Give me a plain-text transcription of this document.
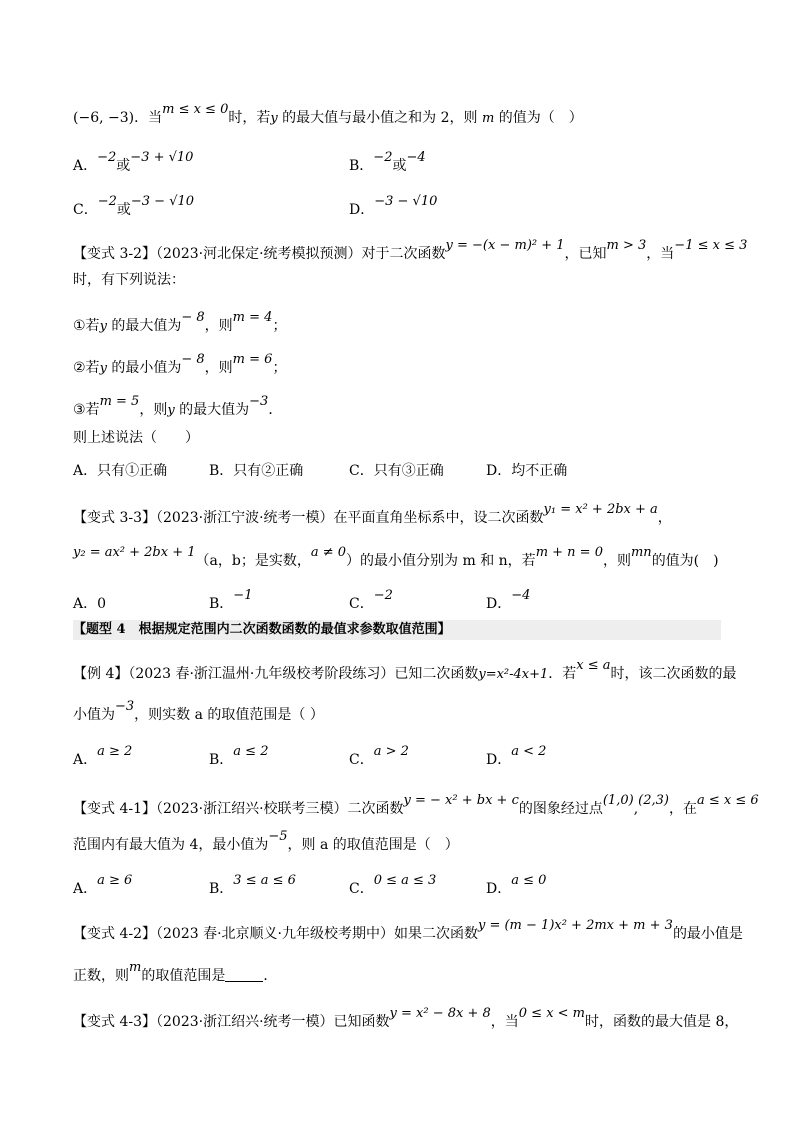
(−6, −3)．当m ≤ x ≤ 0时，若y 的最大值与最小值之和为 2，则 m 的值为（　）
A．−2或−3 + √10
B．−2或−4
C．−2或−3 − √10
D．−3 − √10
【变式 3-2】（2023·河北保定·统考模拟预测）对于二次函数y = −(x − m)² + 1，已知m > 3，当−1 ≤ x ≤ 3
时，有下列说法：
①若y 的最大值为− 8，则m = 4；
②若y 的最小值为− 8，则m = 6；
③若m = 5，则y 的最大值为−3．
则上述说法（　　）
A．只有①正确	B．只有②正确	C．只有③正确	D．均不正确
【变式 3-3】（2023·浙江宁波·统考一模）在平面直角坐标系中，设二次函数y₁ = x² + 2bx + a，
y₂ = ax² + 2bx + 1（a，b；是实数，a ≠ 0）的最小值分别为 m 和 n，若m + n = 0，则mn的值为(　)
A．0	B．−1
C．−2
D．−4
【题型 4　根据规定范围内二次函数函数的最值求参数取值范围】
【例 4】（2023 春·浙江温州·九年级校考阶段练习）已知二次函数y=x²-4x+1．若x ≤ a时，该二次函数的最
小值为−3，则实数 a 的取值范围是（ ）
A．a ≥ 2
B．a ≤ 2
C．a > 2
D．a < 2
【变式 4-1】（2023·浙江绍兴·校联考三模）二次函数y = − x² + bx + c的图象经过点(1,0),(2,3)，在a ≤ x ≤ 6
范围内有最大值为 4，最小值为−5，则 a 的取值范围是（　）
A．a ≥ 6
B．3 ≤ a ≤ 6
C．0 ≤ a ≤ 3
D．a ≤ 0
【变式 4-2】（2023 春·北京顺义·九年级校考期中）如果二次函数y = (m − 1)x² + 2mx + m + 3的最小值是
正数，则m的取值范围是	．
【变式 4-3】（2023·浙江绍兴·统考一模）已知函数y = x² − 8x + 8，当0 ≤ x < m时，函数的最大值是 8，
